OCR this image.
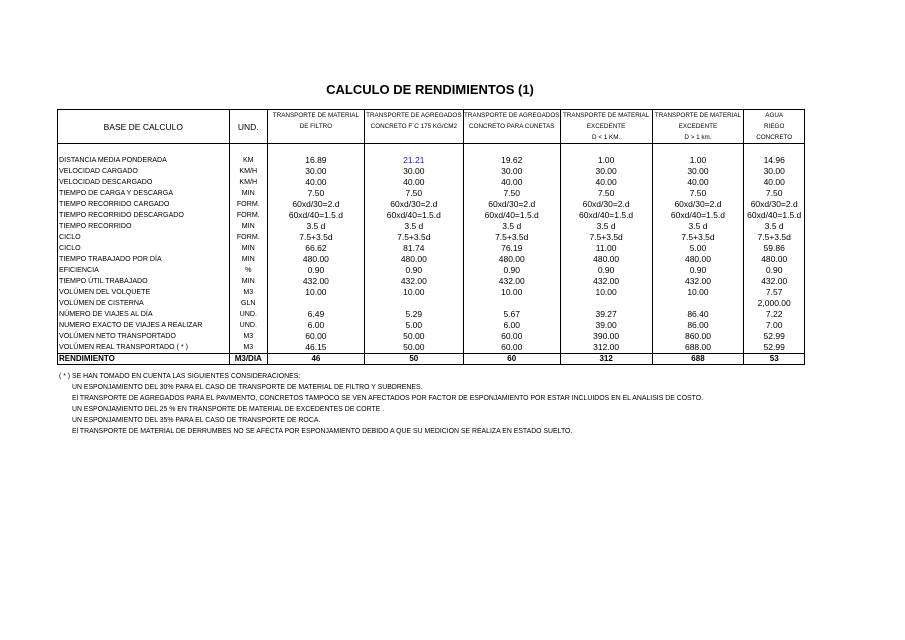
CALCULO DE RENDIMIENTOS (1)
		TRANSPORTE DE MATERIAL	TRANSPORTE DE AGREGADOS	TRANSPORTE DE AGREGADOS	TRANSPORTE DE MATERIAL	TRANSPORTE DE MATERIAL	AGUA
BASE DE CALCULO	UND.	DE FILTRO	CONCRETO F´C 175 KG/CM2	CONCRETO PARA CUNETAS	EXCEDENTE	EXCEDENTE	RIEGO
					D < 1 KM.	D > 1 km.	CONCRETO

DISTANCIA MEDIA PONDERADA	KM	16.89	21.21	19.62	1.00	1.00	14.96
VELOCIDAD CARGADO	KM/H	30.00	30.00	30.00	30.00	30.00	30.00
VELOCIDAD DESCARGADO	KM/H	40.00	40.00	40.00	40.00	40.00	40.00
TIEMPO DE CARGA Y DESCARGA	MIN	7.50	7.50	7.50	7.50	7.50	7.50
TIEMPO RECORRIDO CARGADO	FORM.	60xd/30=2.d	60xd/30=2.d	60xd/30=2.d	60xd/30=2.d	60xd/30=2.d	60xd/30=2.d
TIEMPO RECORRIDO DESCARGADO	FORM.	60xd/40=1.5.d	60xd/40=1.5.d	60xd/40=1.5.d	60xd/40=1.5.d	60xd/40=1.5.d	60xd/40=1.5.d
TIEMPO RECORRIDO	MIN	3.5 d	3.5 d	3.5 d	3.5 d	3.5 d	3.5 d
CICLO	FORM.	7.5+3.5d	7.5+3.5d	7.5+3.5d	7.5+3.5d	7.5+3.5d	7.5+3.5d
CICLO	MIN	66.62	81.74	76.19	11.00	5.00	59.86
TIEMPO TRABAJADO POR DÍA	MIN	480.00	480.00	480.00	480.00	480.00	480.00
EFICIENCIA	%	0.90	0.90	0.90	0.90	0.90	0.90
TIEMPO ÚTIL TRABAJADO	MIN	432.00	432.00	432.00	432.00	432.00	432.00
VOLÚMEN DEL VOLQUETE	M3	10.00	10.00	10.00	10.00	10.00	7.57
VOLÚMEN DE CISTERNA	GLN						2,000.00
NÚMERO DE VIAJES AL DÍA	UND.	6.49	5.29	5.67	39.27	86.40	7.22
NUMERO EXACTO DE VIAJES A REALIZAR	UND.	6.00	5.00	6.00	39.00	86.00	7.00
VOLÚMEN NETO TRANSPORTADO	M3	60.00	50.00	60.00	390.00	860.00	52.99
VOLÚMEN REAL TRANSPORTADO ( * )	M3	46.15	50.00	60.00	312.00	688.00	52.99
RENDIMIENTO	M3/DIA	46	50	60	312	688	53
( * ) SE HAN TOMADO EN CUENTA LAS SIGUIENTES CONSIDERACIONES:
UN ESPONJAMIENTO DEL 30% PARA EL CASO DE TRANSPORTE DE MATERIAL DE FILTRO Y SUBDRENES.
El TRANSPORTE DE AGREGADOS PARA EL PAVIMENTO, CONCRETOS TAMPOCO SE VEN AFECTADOS POR FACTOR DE ESPONJAMIENTO POR ESTAR INCLUIDOS EN EL ANALISIS DE COSTO.
UN ESPONJAMIENTO DEL 25 % EN TRANSPORTE DE MATERIAL DE EXCEDENTES DE CORTE .
UN ESPONJAMIENTO DEL 35% PARA EL CASO DE TRANSPORTE DE ROCA.
El TRANSPORTE DE MATERIAL DE DERRUMBES NO SE AFECTA POR ESPONJAMIENTO DEBIDO A QUE SU MEDICION SE REALIZA EN ESTADO SUELTO.
